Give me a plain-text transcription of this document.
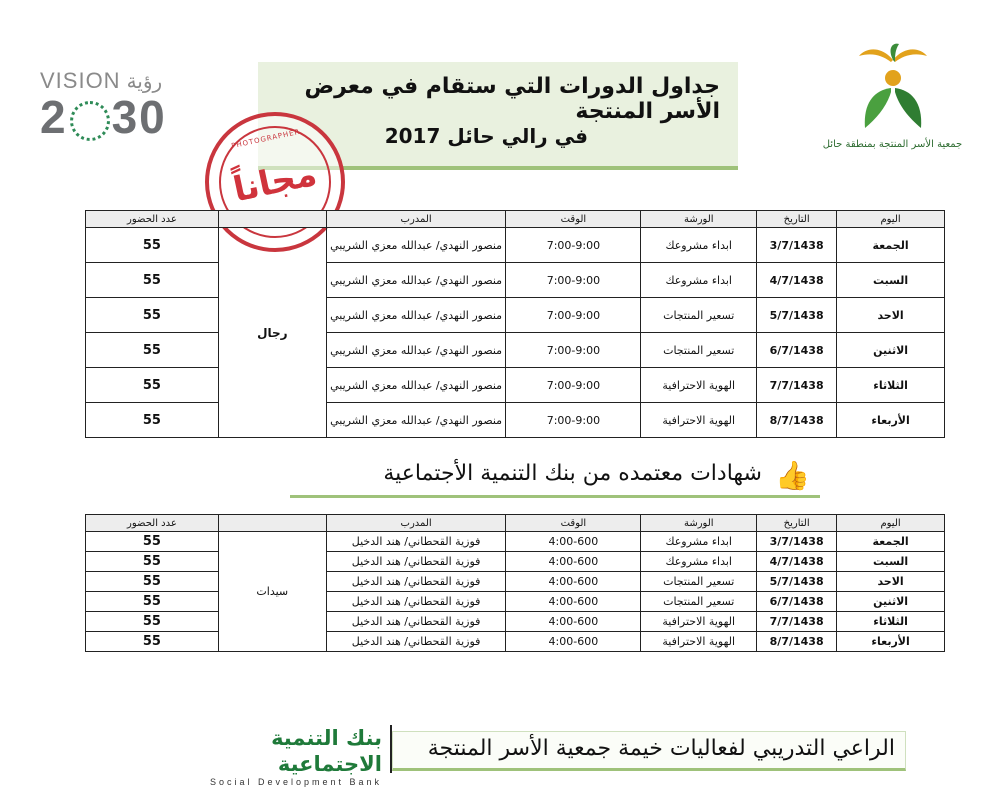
VISION رؤية
2 30
جداول الدورات التي ستقام في معرض الأسر المنتجة
في رالي حائل 2017
PHOTOGRAPHER
مجاناً
جمعية الأسر المنتجة بمنطقة حائل
اليوم	التاريخ	الورشة	الوقت	المدرب		عدد الحضور
الجمعة	3/7/1438	ابداء مشروعك	7:00-9:00	منصور النهدي/ عبدالله معزي الشريبي	رجال	55
السبت	4/7/1438	ابداء مشروعك	7:00-9:00	منصور النهدي/ عبدالله معزي الشريبي		55
الاحد	5/7/1438	تسعير المنتجات	7:00-9:00	منصور النهدي/ عبدالله معزي الشريبي		55
الاثنين	6/7/1438	تسعير المنتجات	7:00-9:00	منصور النهدي/ عبدالله معزي الشريبي		55
الثلاثاء	7/7/1438	الهوية الاحترافية	7:00-9:00	منصور النهدي/ عبدالله معزي الشريبي		55
الأربعاء	8/7/1438	الهوية الاحترافية	7:00-9:00	منصور النهدي/ عبدالله معزي الشريبي		55
👍
شهادات معتمده من بنك التنمية الأجتماعية
اليوم	التاريخ	الورشة	الوقت	المدرب		عدد الحضور
الجمعة	3/7/1438	ابداء مشروعك	4:00-600	فوزية القحطاني/ هند الدخيل	سيدات	55
السبت	4/7/1438	ابداء مشروعك	4:00-600	فوزية القحطاني/ هند الدخيل		55
الاحد	5/7/1438	تسعير المنتجات	4:00-600	فوزية القحطاني/ هند الدخيل		55
الاثنين	6/7/1438	تسعير المنتجات	4:00-600	فوزية القحطاني/ هند الدخيل		55
الثلاثاء	7/7/1438	الهوية الاحترافية	4:00-600	فوزية القحطاني/ هند الدخيل		55
الأربعاء	8/7/1438	الهوية الاحترافية	4:00-600	فوزية القحطاني/ هند الدخيل		55
الراعي التدريبي لفعاليات خيمة جمعية الأسر المنتجة
بنك التنمية الاجتماعية
Social Development Bank
